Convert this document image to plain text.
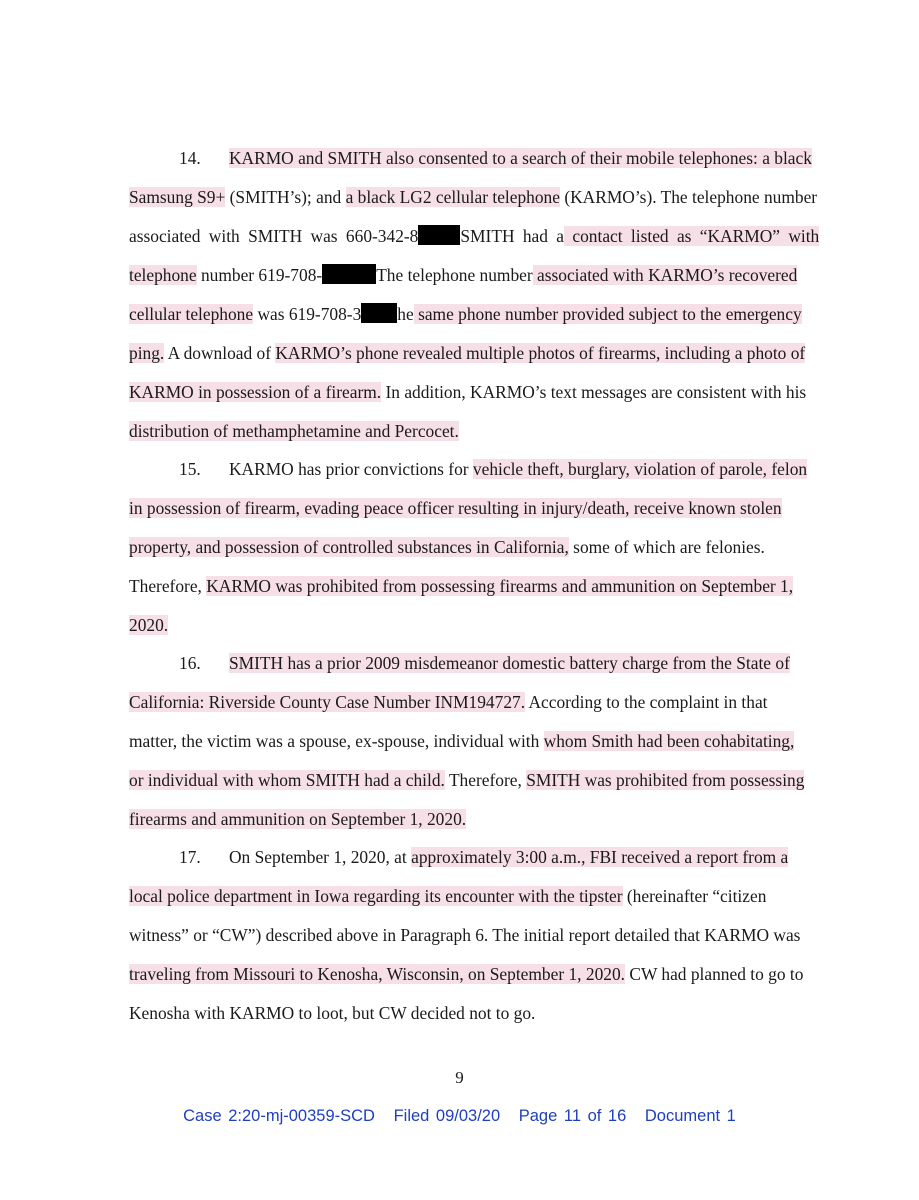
14. KARMO and SMITH also consented to a search of their mobile telephones: a black
Samsung S9+ (SMITH’s); and a black LG2 cellular telephone (KARMO’s). The telephone number
associated with SMITH was 660-342-8 SMITH had a contact listed as “KARMO” with
telephone number 619-708-	The telephone number associated with KARMO’s recovered
cellular telephone was 619-708-3 he same phone number provided subject to the emergency
ping. A download of KARMO’s phone revealed multiple photos of firearms, including a photo of
KARMO in possession of a firearm. In addition, KARMO’s text messages are consistent with his
distribution of methamphetamine and Percocet.
15. KARMO has prior convictions for vehicle theft, burglary, violation of parole, felon
in possession of firearm, evading peace officer resulting in injury/death, receive known stolen
property, and possession of controlled substances in California, some of which are felonies.
Therefore, KARMO was prohibited from possessing firearms and ammunition on September 1,
2020.
16. SMITH has a prior 2009 misdemeanor domestic battery charge from the State of
California: Riverside County Case Number INM194727. According to the complaint in that
matter, the victim was a spouse, ex-spouse, individual with whom Smith had been cohabitating,
or individual with whom SMITH had a child. Therefore, SMITH was prohibited from possessing
firearms and ammunition on September 1, 2020.
17. On September 1, 2020, at approximately 3:00 a.m., FBI received a report from a
local police department in Iowa regarding its encounter with the tipster (hereinafter “citizen
witness” or “CW”) described above in Paragraph 6. The initial report detailed that KARMO was
traveling from Missouri to Kenosha, Wisconsin, on September 1, 2020. CW had planned to go to
Kenosha with KARMO to loot, but CW decided not to go.
9
Case 2:20-mj-00359-SCD Filed 09/03/20 Page 11 of 16 Document 1
